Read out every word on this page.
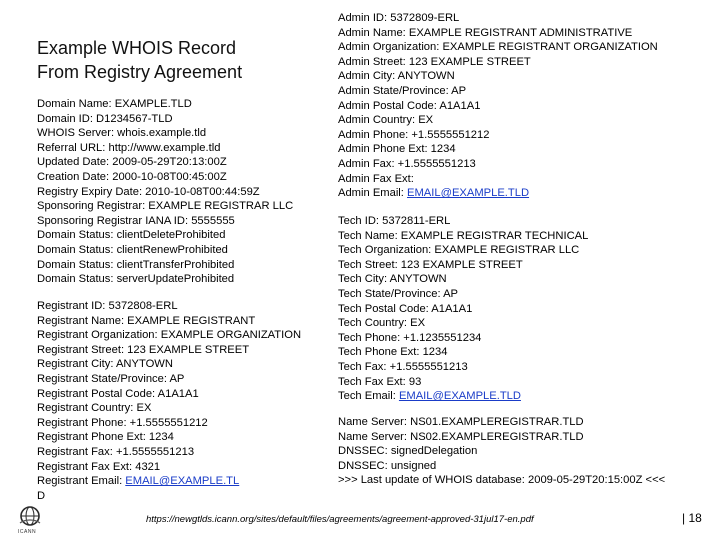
Example WHOIS Record
From Registry Agreement
Domain Name: EXAMPLE.TLD
Domain ID: D1234567-TLD
WHOIS Server: whois.example.tld
Referral URL: http://www.example.tld
Updated Date: 2009-05-29T20:13:00Z
Creation Date: 2000-10-08T00:45:00Z
Registry Expiry Date: 2010-10-08T00:44:59Z
Sponsoring Registrar: EXAMPLE REGISTRAR LLC
Sponsoring Registrar IANA ID: 5555555
Domain Status: clientDeleteProhibited
Domain Status: clientRenewProhibited
Domain Status: clientTransferProhibited
Domain Status: serverUpdateProhibited
Registrant ID: 5372808-ERL
Registrant Name: EXAMPLE REGISTRANT
Registrant Organization: EXAMPLE ORGANIZATION
Registrant Street: 123 EXAMPLE STREET
Registrant City: ANYTOWN
Registrant State/Province: AP
Registrant Postal Code: A1A1A1
Registrant Country: EX
Registrant Phone: +1.5555551212
Registrant Phone Ext: 1234
Registrant Fax: +1.5555551213
Registrant Fax Ext: 4321
Registrant Email: EMAIL@EXAMPLE.TL
D
Admin ID: 5372809-ERL
Admin Name: EXAMPLE REGISTRANT ADMINISTRATIVE
Admin Organization: EXAMPLE REGISTRANT ORGANIZATION
Admin Street: 123 EXAMPLE STREET
Admin City: ANYTOWN
Admin State/Province: AP
Admin Postal Code: A1A1A1
Admin Country: EX
Admin Phone: +1.5555551212
Admin Phone Ext: 1234
Admin Fax: +1.5555551213
Admin Fax Ext:
Admin Email: EMAIL@EXAMPLE.TLD
Tech ID: 5372811-ERL
Tech Name: EXAMPLE REGISTRAR TECHNICAL
Tech Organization: EXAMPLE REGISTRAR LLC
Tech Street: 123 EXAMPLE STREET
Tech City: ANYTOWN
Tech State/Province: AP
Tech Postal Code: A1A1A1
Tech Country: EX
Tech Phone: +1.1235551234
Tech Phone Ext: 1234
Tech Fax: +1.5555551213
Tech Fax Ext: 93
Tech Email: EMAIL@EXAMPLE.TLD
Name Server: NS01.EXAMPLEREGISTRAR.TLD
Name Server: NS02.EXAMPLEREGISTRAR.TLD
DNSSEC: signedDelegation
DNSSEC: unsigned
>>> Last update of WHOIS database: 2009-05-29T20:15:00Z <<<
ICANN
https://newgtlds.icann.org/sites/default/files/agreements/agreement-approved-31jul17-en.pdf	| 18
